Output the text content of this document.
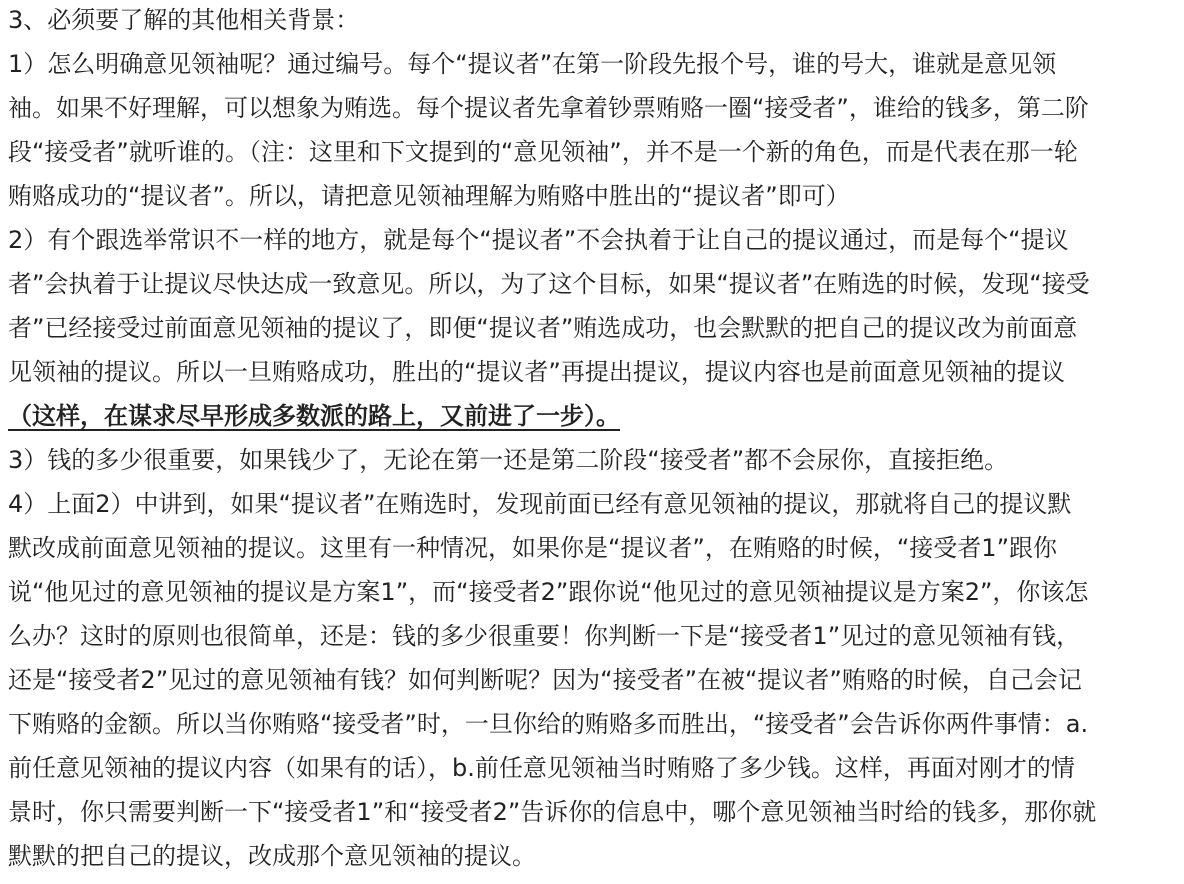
3、必须要了解的其他相关背景：
1）怎么明确意见领袖呢？通过编号。每个“提议者”在第一阶段先报个号，谁的号大，谁就是意见领
袖。如果不好理解，可以想象为贿选。每个提议者先拿着钞票贿赂一圈“接受者”，谁给的钱多，第二阶
段“接受者”就听谁的。（注：这里和下文提到的“意见领袖”，并不是一个新的角色，而是代表在那一轮
贿赂成功的“提议者”。所以，请把意见领袖理解为贿赂中胜出的“提议者”即可）
2）有个跟选举常识不一样的地方，就是每个“提议者”不会执着于让自己的提议通过，而是每个“提议
者”会执着于让提议尽快达成一致意见。所以，为了这个目标，如果“提议者”在贿选的时候，发现“接受
者”已经接受过前面意见领袖的提议了，即便“提议者”贿选成功，也会默默的把自己的提议改为前面意
见领袖的提议。所以一旦贿赂成功，胜出的“提议者”再提出提议，提议内容也是前面意见领袖的提议
（这样，在谋求尽早形成多数派的路上，又前进了一步）。
3）钱的多少很重要，如果钱少了，无论在第一还是第二阶段“接受者”都不会尿你，直接拒绝。
4）上面2）中讲到，如果“提议者”在贿选时，发现前面已经有意见领袖的提议，那就将自己的提议默
默改成前面意见领袖的提议。这里有一种情况，如果你是“提议者”，在贿赂的时候，“接受者1”跟你
说“他见过的意见领袖的提议是方案1”，而“接受者2”跟你说“他见过的意见领袖提议是方案2”，你该怎
么办？这时的原则也很简单，还是：钱的多少很重要！你判断一下是“接受者1”见过的意见领袖有钱，
还是“接受者2”见过的意见领袖有钱？如何判断呢？因为“接受者”在被“提议者”贿赂的时候，自己会记
下贿赂的金额。所以当你贿赂“接受者”时，一旦你给的贿赂多而胜出，“接受者”会告诉你两件事情：a.
前任意见领袖的提议内容（如果有的话），b.前任意见领袖当时贿赂了多少钱。这样，再面对刚才的情
景时，你只需要判断一下“接受者1”和“接受者2”告诉你的信息中，哪个意见领袖当时给的钱多，那你就
默默的把自己的提议，改成那个意见领袖的提议。
